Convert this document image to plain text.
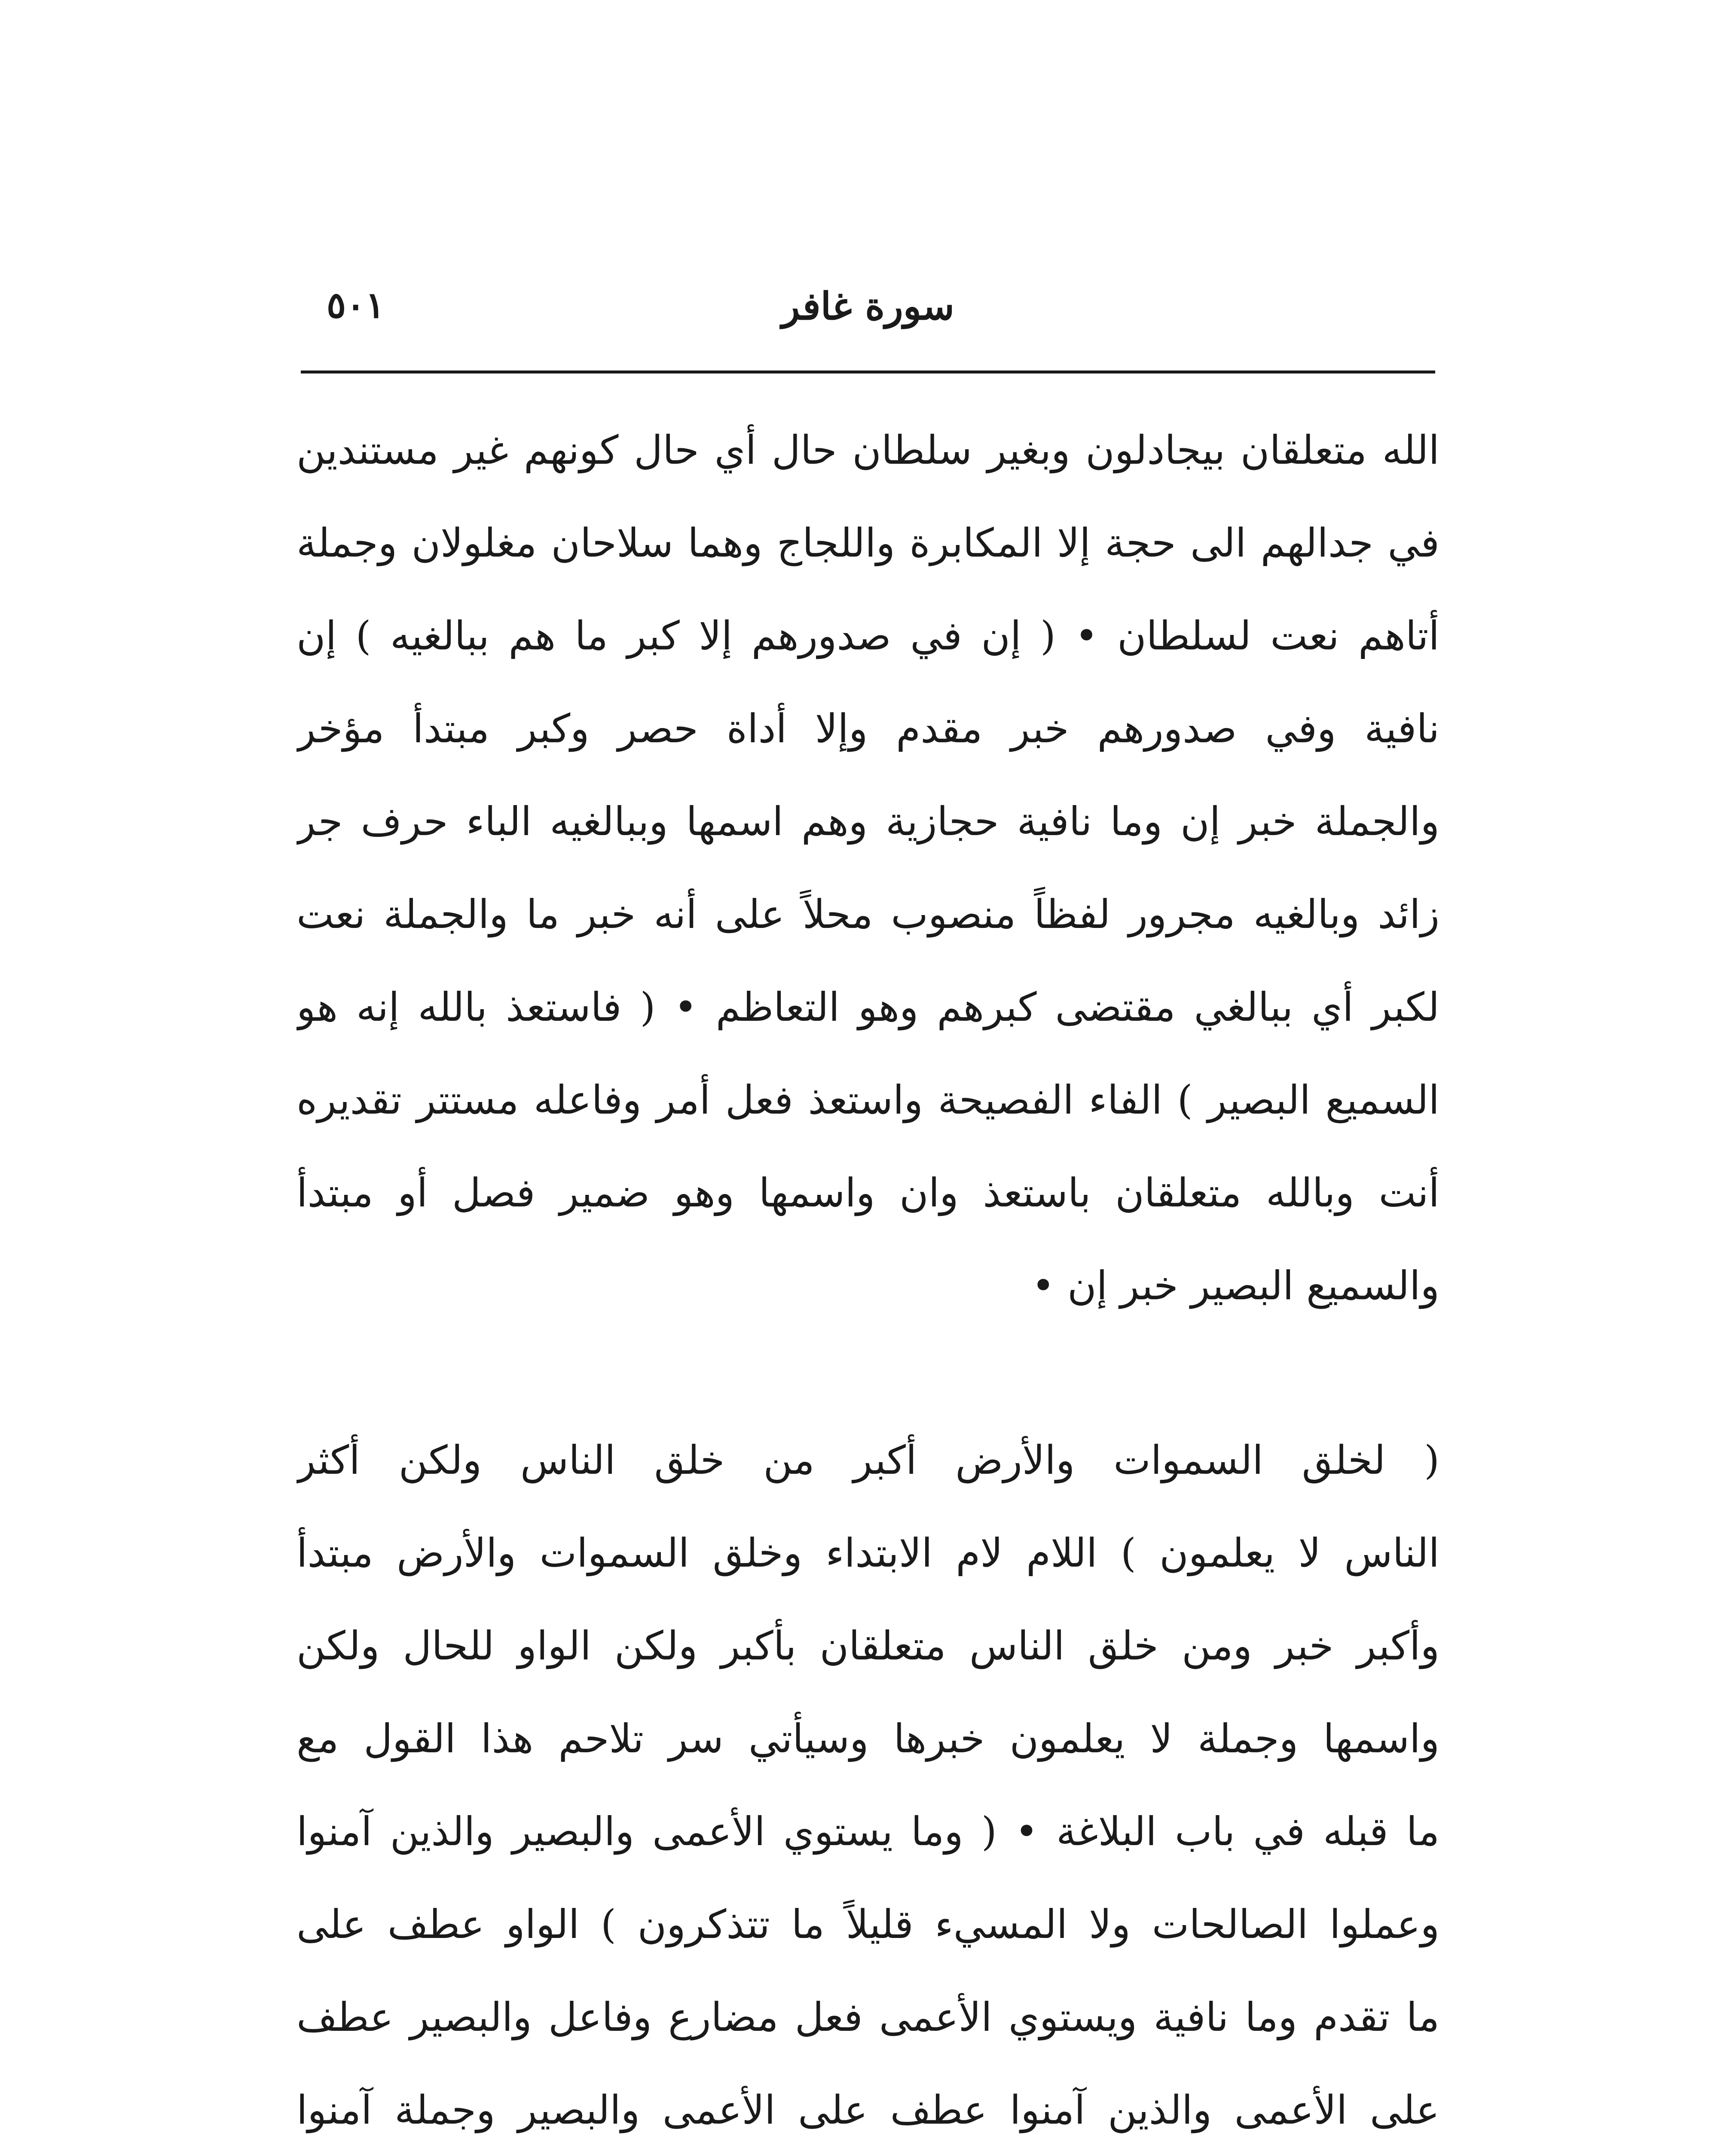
٥٠١	سورة غافر
الله متعلقان بيجادلون وبغير سلطان حال أي حال كونهم غير مستندين
في جدالهم الى حجة إلا المكابرة واللجاج وهما سلاحان مغلولان وجملة
أتاهم نعت لسلطان • ( إن في صدورهم إلا كبر ما هم ببالغيه ) إن
نافية وفي صدورهم خبر مقدم وإلا أداة حصر وكبر مبتدأ مؤخر
والجملة خبر إن وما نافية حجازية وهم اسمها وببالغيه الباء حرف جر
زائد وبالغيه مجرور لفظاً منصوب محلاً على أنه خبر ما والجملة نعت
لكبر أي ببالغي مقتضى كبرهم وهو التعاظم • ( فاستعذ بالله إنه هو
السميع البصير ) الفاء الفصيحة واستعذ فعل أمر وفاعله مستتر تقديره
أنت وبالله متعلقان باستعذ وان واسمها وهو ضمير فصل أو مبتدأ
والسميع البصير خبر إن •
( لخلق السموات والأرض أكبر من خلق الناس ولكن أكثر
الناس لا يعلمون ) اللام لام الابتداء وخلق السموات والأرض مبتدأ
وأكبر خبر ومن خلق الناس متعلقان بأكبر ولكن الواو للحال ولكن
واسمها وجملة لا يعلمون خبرها وسيأتي سر تلاحم هذا القول مع
ما قبله في باب البلاغة • ( وما يستوي الأعمى والبصير والذين آمنوا
وعملوا الصالحات ولا المسيء قليلاً ما تتذكرون ) الواو عطف على
ما تقدم وما نافية ويستوي الأعمى فعل مضارع وفاعل والبصير عطف
على الأعمى والذين آمنوا عطف على الأعمى والبصير وجملة آمنوا
